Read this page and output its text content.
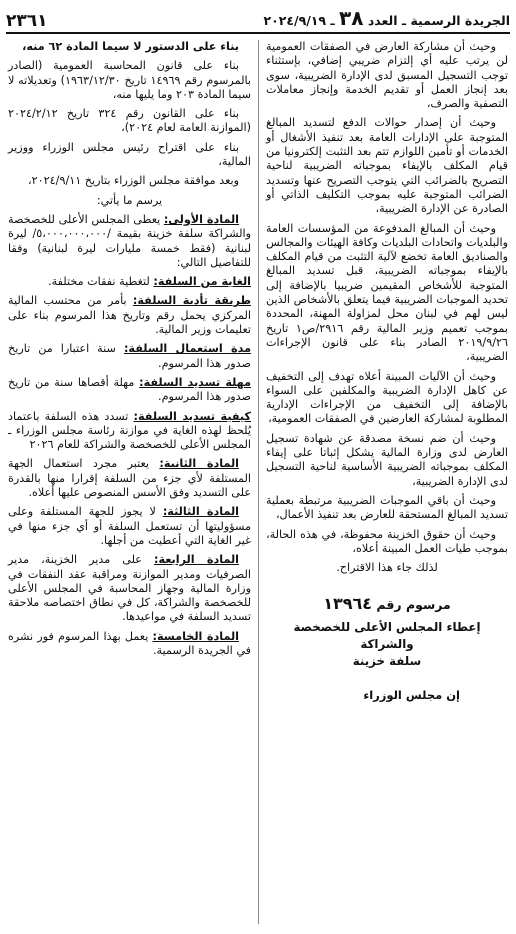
الجريدة الرسمية ـ العدد ٣٨ ـ ٢٠٢٤/٩/١٩
٢٣٦١

وحيث أن مشاركة العارض في الصفقات العمومية لن يرتب عليه أي إلتزام ضريبي إضافي، بإستثناء توجب التسجيل المسبق لدى الإدارة الضريبية، سوى بعد إنجاز العمل أو تقديم الخدمة وإنجاز معاملات التصفية والصرف،

وحيث أن إصدار حوالات الدفع لتسديد المبالغ المتوجبة على الإدارات العامة بعد تنفيذ الأشغال أو الخدمات أو تأمين اللوازم تتم بعد التثبت إلكترونيا من قيام المكلف بالإيفاء بموجباته الضريبية لناحية التصريح بالضرائب التي يتوجب التصريح عنها وتسديد الضرائب المتوجبة عليه بموجب التكليف الذاتي أو الصادرة عن الإدارة الضريبية،

وحيث أن المبالغ المدفوعة من المؤسسات العامة والبلديات واتحادات البلديات وكافة الهيئات والمجالس والصناديق العامة تخضع لآلية التثبت من قيام المكلف بالإيفاء بموجباته الضريبية، قبل تسديد المبالغ المتوجبة للأشخاص المقيمين ضريبيا بالإضافة إلى تحديد الموجبات الضريبية فيما يتعلق بالأشخاص الذين ليس لهم في لبنان محل لمزاولة المهنة، المحددة بموجب تعميم وزير المالية رقم ٢٩١٦/ص١ تاريخ ٢٠١٩/٩/٢٦ الصادر بناء على قانون الإجراءات الضريبية،

وحيث أن الآليات المبينة أعلاه تهدف إلى التخفيف عن كاهل الإدارة الضريبية والمكلفين على السواء بالإضافة إلى التخفيف من الإجراءات الإدارية المطلوبة لمشاركة العارضين في الصفقات العمومية،

وحيث أن ضم نسخة مصدقة عن شهادة تسجيل العارض لدى وزارة المالية يشكل إثباتا على إيفاء المكلف بموجباته الضريبية الأساسية لناحية التسجيل لدى الإدارة الضريبية،

وحيث أن باقي الموجبات الضريبية مرتبطة بعملية تسديد المبالغ المستحقة للعارض بعد تنفيذ الأعمال،

وحيث أن حقوق الخزينة محفوظة، في هذه الحالة، بموجب طيات العمل المبينة أعلاه،

لذلك جاء هذا الاقتراح.

مرسوم رقم ١٣٩٦٤
إعطاء المجلس الأعلى للخصخصة والشراكة
سلفة خزينة
إن مجلس الوزراء

بناء على الدستور لا سيما المادة ٦٢ منه،

بناء على قانون المحاسبة العمومية (الصادر بالمرسوم رقم ١٤٩٦٩ تاريخ ١٩٦٣/١٢/٣٠) وتعديلاته لا سيما المادة ٢٠٣ وما يليها منه،

بناء على القانون رقم ٣٢٤ تاريخ ٢٠٢٤/٢/١٢ (الموازنة العامة لعام ٢٠٢٤)،

بناء على اقتراح رئيس مجلس الوزراء ووزير المالية،

وبعد موافقة مجلس الوزراء بتاريخ ٢٠٢٤/٩/١١،

يرسم ما يأتي:

المادة الأولى: يعطى المجلس الأعلى للخصخصة والشراكة سلفة خزينة بقيمة /٥،٠٠٠،٠٠٠،٠٠٠/ ليرة لبنانية (فقط خمسة مليارات ليرة لبنانية) وفقا للتفاصيل التالي:

الغاية من السلفة: لتغطية نفقات مختلفة.

طريقة تأدية السلفة: بأمر من محتسب المالية المركزي يحمل رقم وتاريخ هذا المرسوم بناء على تعليمات وزير المالية.

مدة استعمال السلفة: سنة اعتبارا من تاريخ صدور هذا المرسوم.

مهلة تسديد السلفة: مهلة أقصاها سنة من تاريخ صدور هذا المرسوم.

كيفية تسديد السلفة: تسدد هذه السلفة باعتماد يُلحظ لهذه الغاية في موازنة رئاسة مجلس الوزراء ـ المجلس الأعلى للخصخصة والشراكة للعام ٢٠٢٦

المادة الثانية: يعتبر مجرد استعمال الجهة المستلفة لأي جزء من السلفة إقرارا منها بالقدرة على التسديد وفق الأسس المنصوص عليها أعلاه.

المادة الثالثة: لا يجوز للجهة المستلفة وعلى مسؤوليتها أن تستعمل السلفة أو أي جزء منها في غير الغاية التي أعطيت من أجلها.

المادة الرابعة: على مدير الخزينة، مدير الصرفيات ومدير الموازنة ومراقبة عقد النفقات في وزارة المالية وجهاز المحاسبة في المجلس الأعلى للخصخصة والشراكة، كل في نطاق اختصاصه ملاحقة تسديد السلفة في مواعيدها.

المادة الخامسة: يعمل بهذا المرسوم فور نشره في الجريدة الرسمية.
